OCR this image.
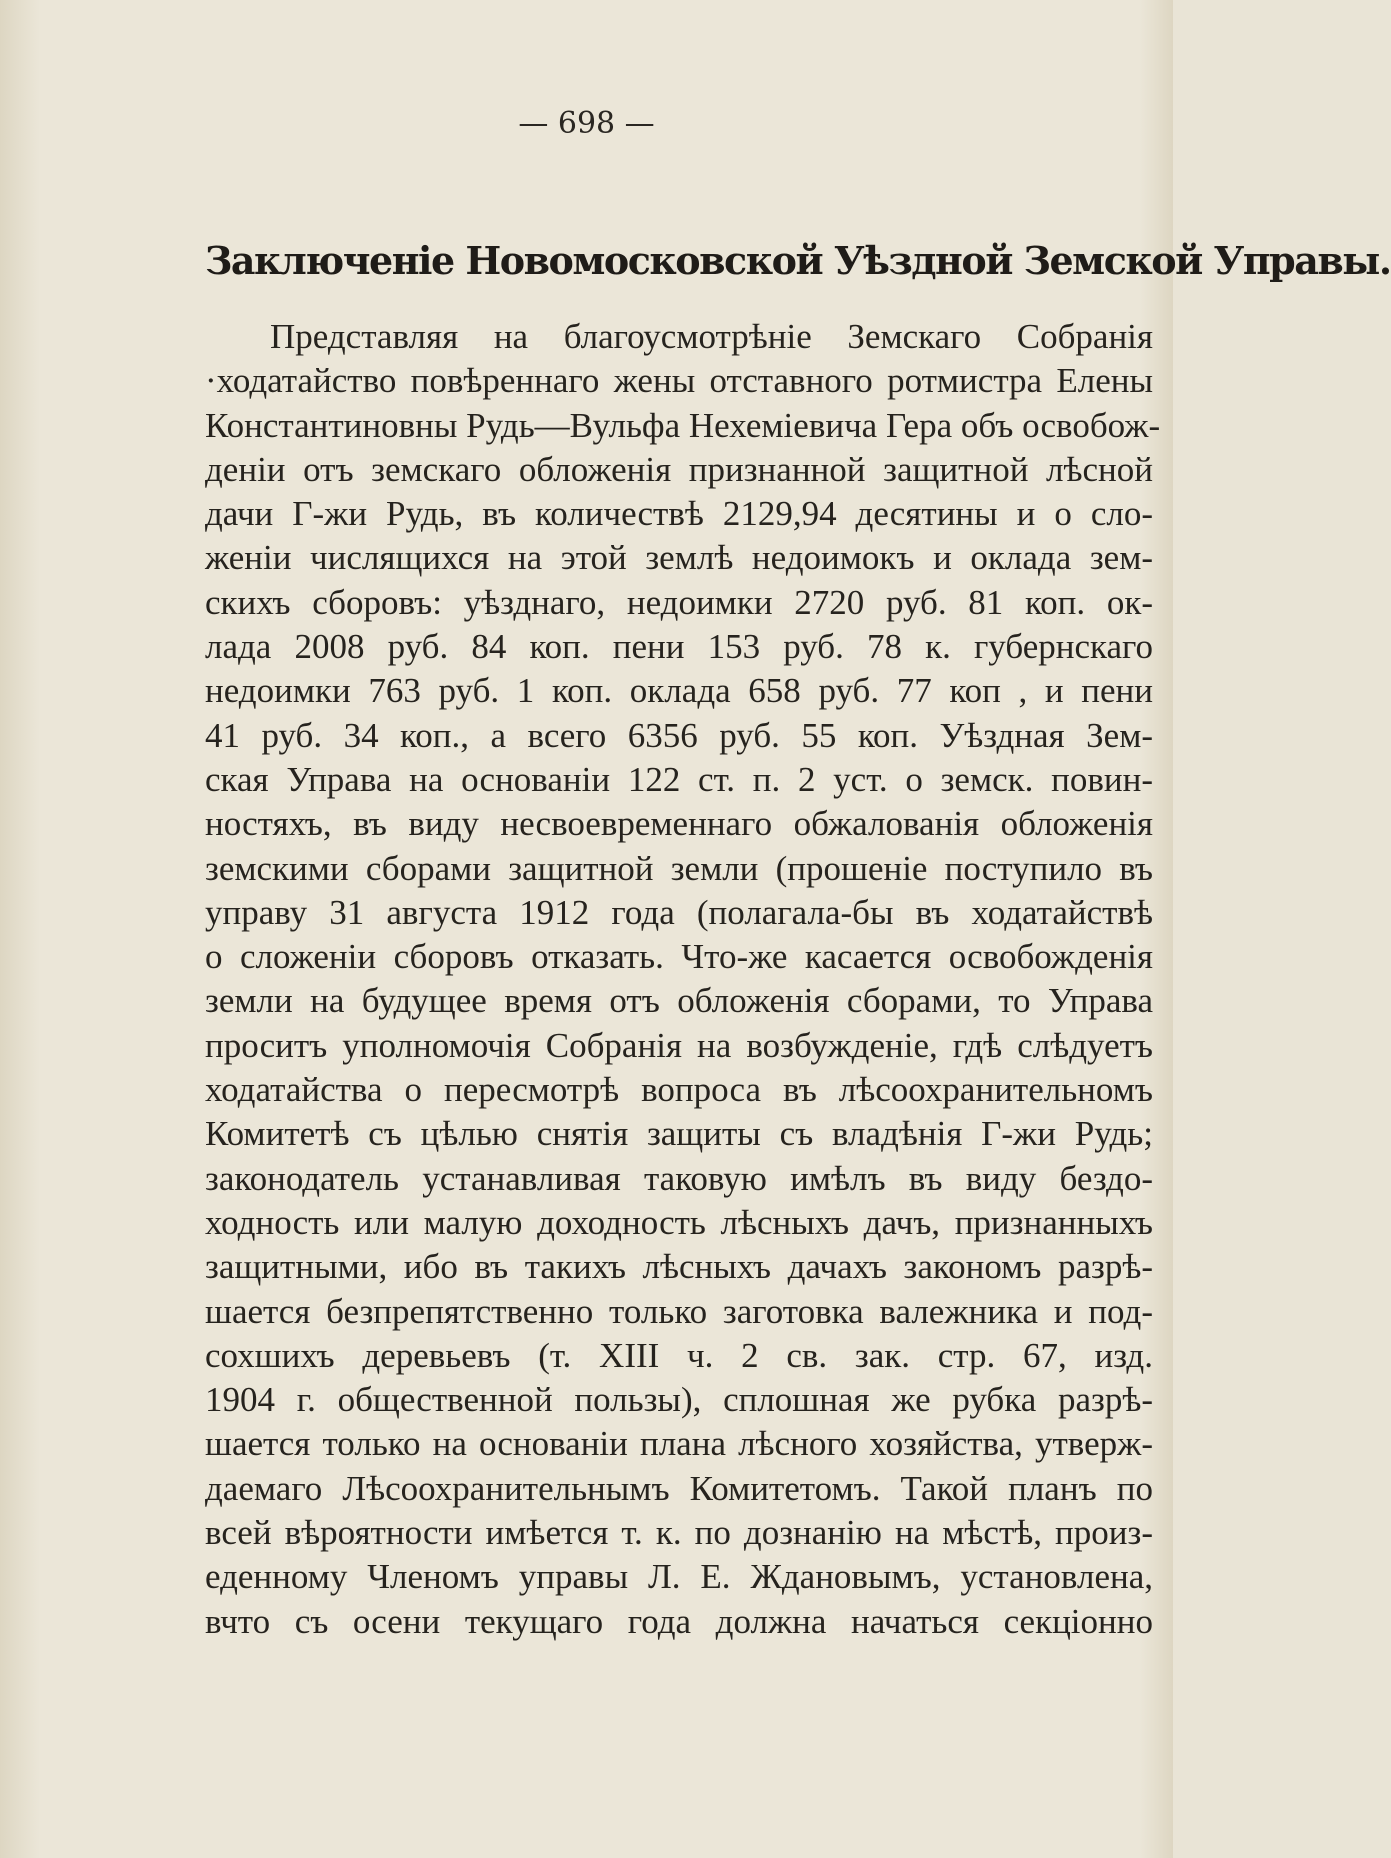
— 698 —
Заключеніе Новомосковской Уѣздной Земской Управы.
Представляя на благоусмотрѣніе Земскаго Собранія
·ходатайство повѣреннаго жены отставного ротмистра Елены
Константиновны Рудь—Вульфа Нехеміевича Гера объ освобож-
деніи отъ земскаго обложенія признанной защитной лѣсной
дачи Г-жи Рудь, въ количествѣ 2129,94 десятины и о сло-
женіи числящихся на этой землѣ недоимокъ и оклада зем-
скихъ сборовъ: уѣзднаго, недоимки 2720 руб. 81 коп. ок-
лада 2008 руб. 84 коп. пени 153 руб. 78 к. губернскаго
недоимки 763 руб. 1 коп. оклада 658 руб. 77 коп , и пени
41 руб. 34 коп., а всего 6356 руб. 55 коп. Уѣздная Зем-
ская Управа на основаніи 122 ст. п. 2 уст. о земск. повин-
ностяхъ, въ виду несвоевременнаго обжалованія обложенія
земскими сборами защитной земли (прошеніе поступило въ
управу 31 августа 1912 года (полагала-бы въ ходатайствѣ
о сложеніи сборовъ отказать. Что-же касается освобожденія
земли на будущее время отъ обложенія сборами, то Управа
проситъ уполномочія Собранія на возбужденіе, гдѣ слѣдуетъ
ходатайства о пересмотрѣ вопроса въ лѣсоохранительномъ
Комитетѣ съ цѣлью снятія защиты съ владѣнія Г-жи Рудь;
законодатель устанавливая таковую имѣлъ въ виду бездо-
ходность или малую доходность лѣсныхъ дачъ, признанныхъ
защитными, ибо въ такихъ лѣсныхъ дачахъ закономъ разрѣ-
шается безпрепятственно только заготовка валежника и под-
сохшихъ деревьевъ (т. XIII ч. 2 св. зак. стр. 67, изд.
1904 г. общественной пользы), сплошная же рубка разрѣ-
шается только на основаніи плана лѣсного хозяйства, утверж-
даемаго Лѣсоохранительнымъ Комитетомъ. Такой планъ по
всей вѣроятности имѣется т. к. по дознанію на мѣстѣ, произ-
еденному Членомъ управы Л. Е. Ждановымъ, установлена,
вчто съ осени текущаго года должна начаться секціонно
